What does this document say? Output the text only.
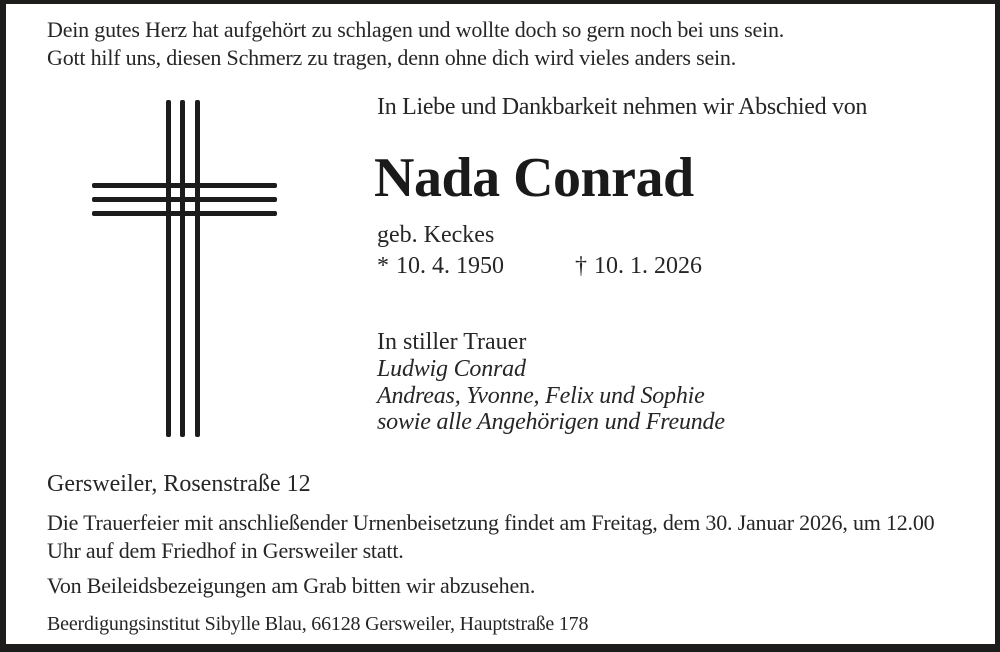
Dein gutes Herz hat aufgehört zu schlagen und wollte doch so gern noch bei uns sein.
Gott hilf uns, diesen Schmerz zu tragen, denn ohne dich wird vieles anders sein.
In Liebe und Dankbarkeit nehmen wir Abschied von
Nada Conrad
geb. Keckes
* 10. 4. 1950	† 10. 1. 2026
In stiller Trauer
Ludwig Conrad
Andreas, Yvonne, Felix und Sophie
sowie alle Angehörigen und Freunde
Gersweiler, Rosenstraße 12
Die Trauerfeier mit anschließender Urnenbeisetzung findet am Freitag, dem 30. Januar 2026, um 12.00 Uhr auf dem Friedhof in Gersweiler statt.
Von Beileidsbezeigungen am Grab bitten wir abzusehen.
Beerdigungsinstitut Sibylle Blau, 66128 Gersweiler, Hauptstraße 178
